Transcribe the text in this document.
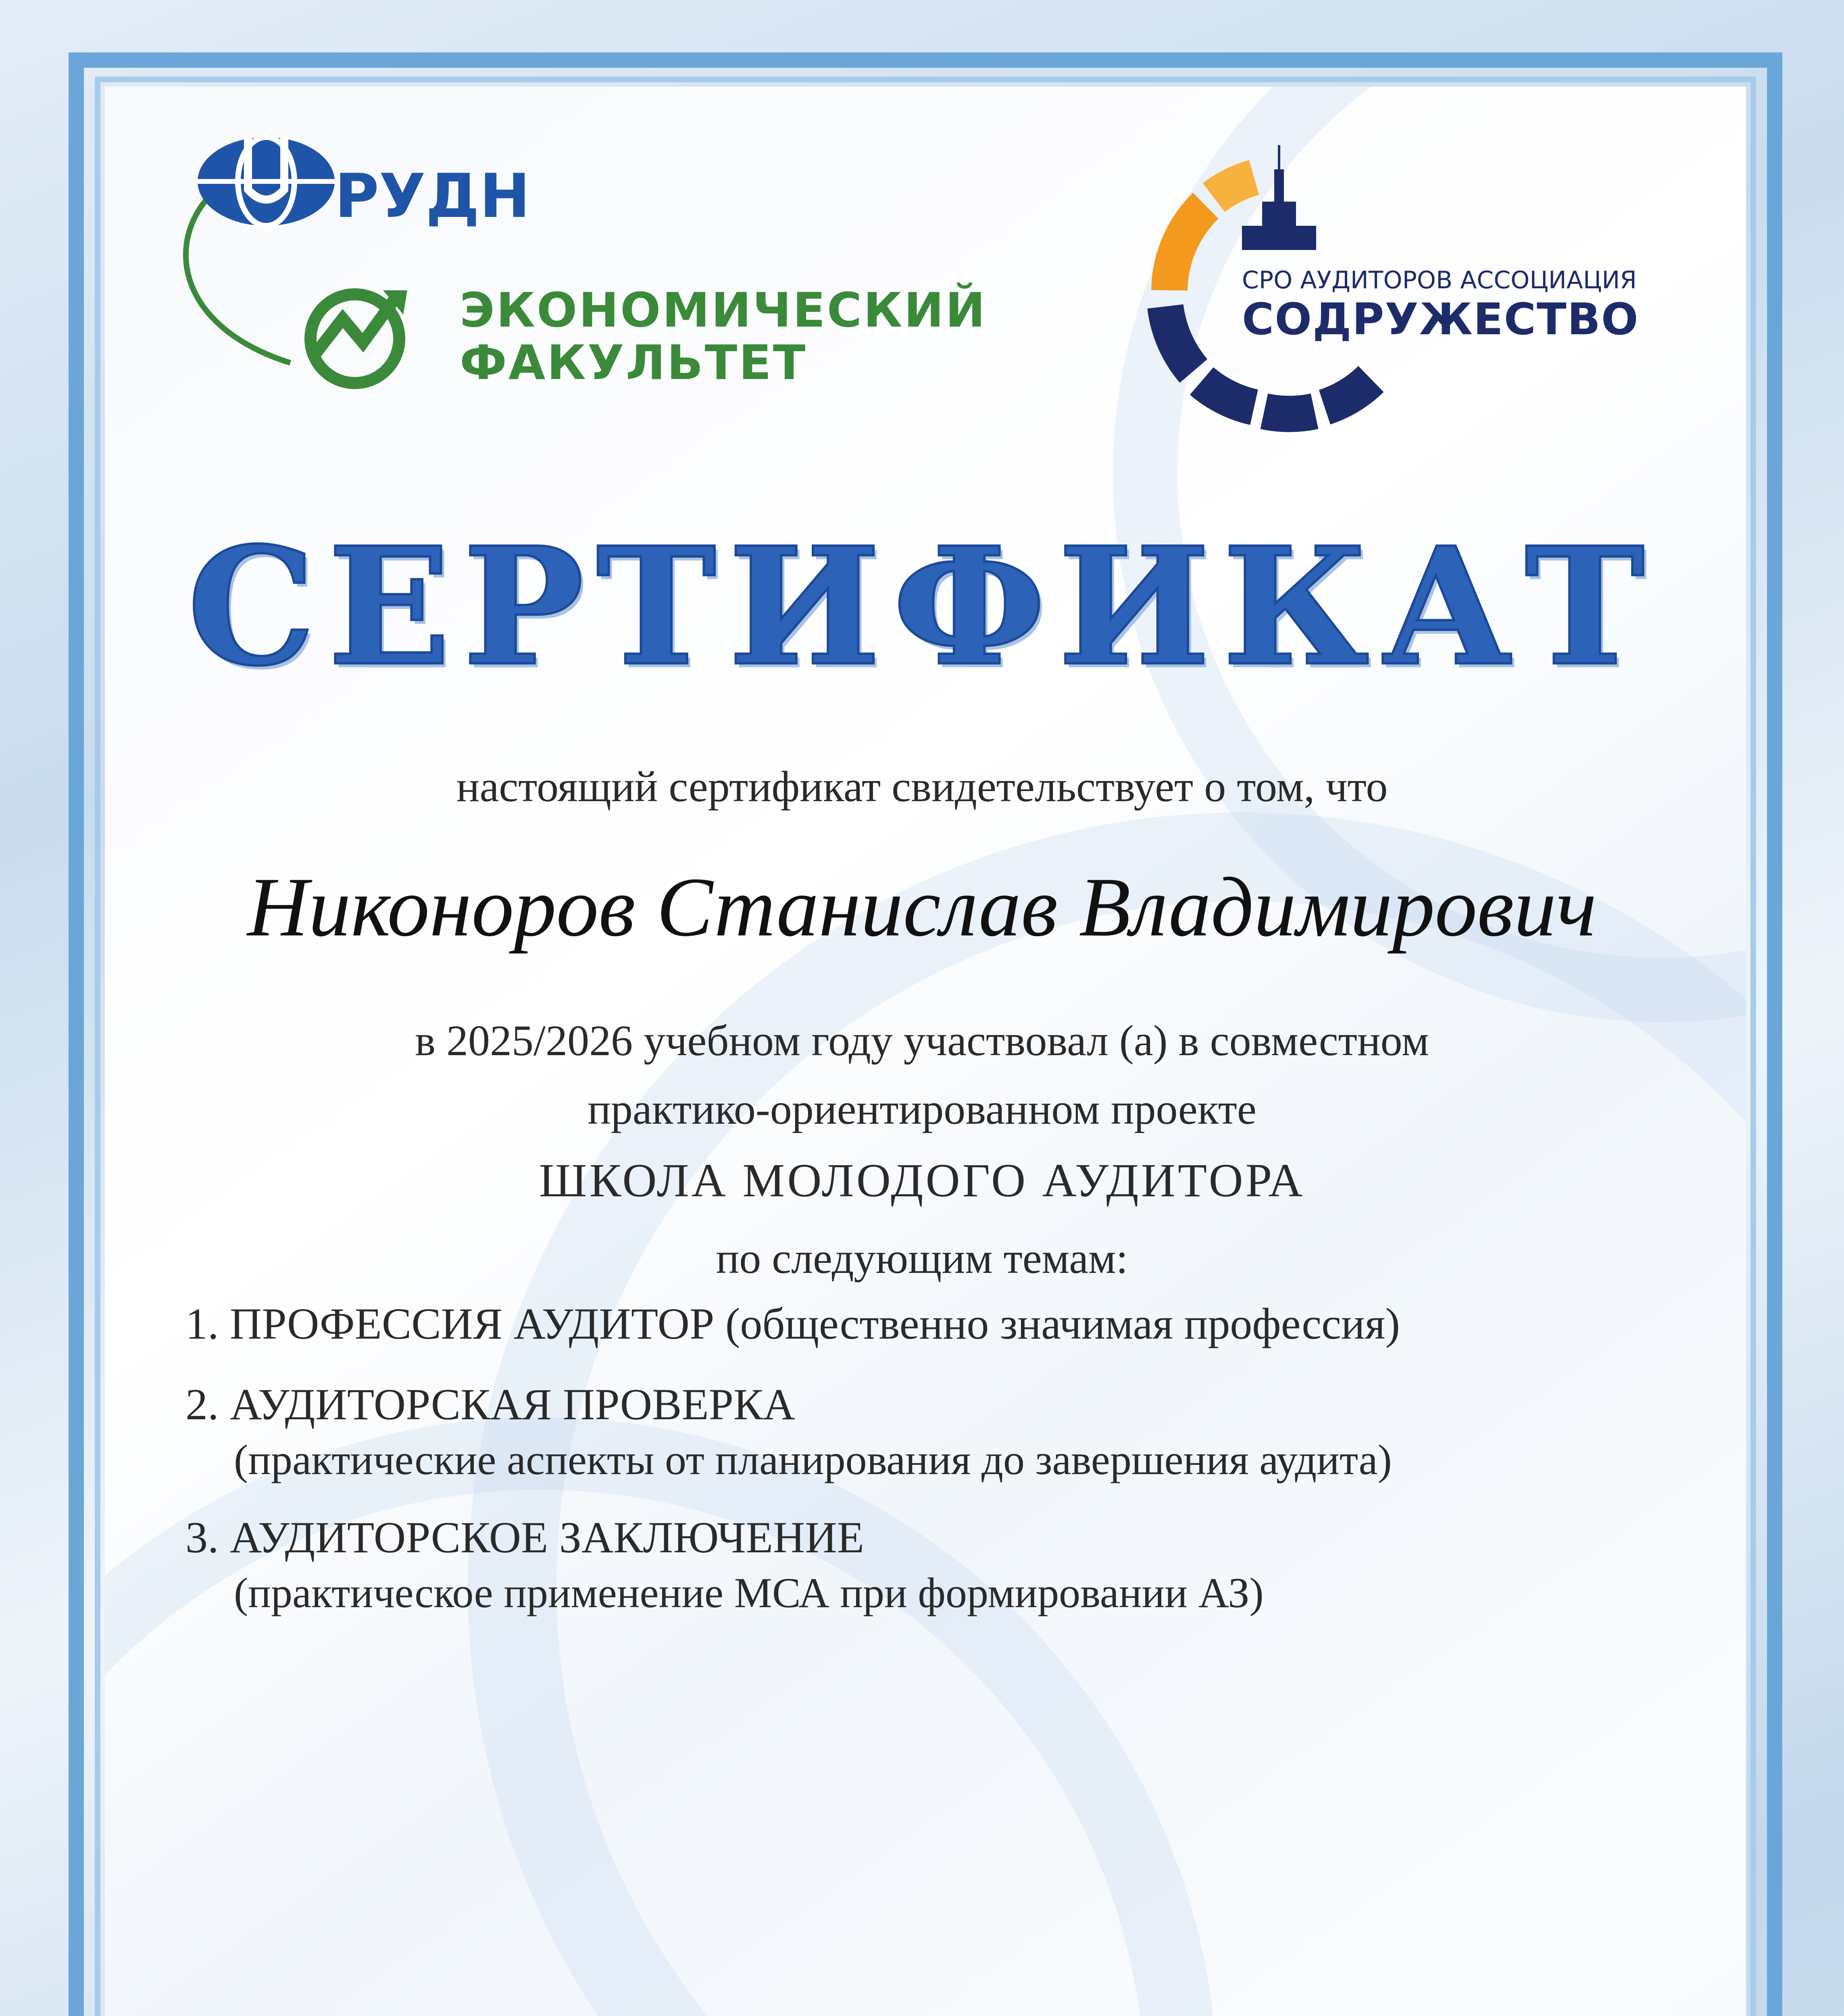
РУДН
ЭКОНОМИЧЕСКИЙ
ФАКУЛЬТЕТ
СРО АУДИТОРОВ АССОЦИАЦИЯ
СОДРУЖЕСТВО
СЕРТИФИКАТ
настоящий сертификат свидетельствует о том, что
Никоноров Станислав Владимирович
в 2025/2026 учебном году участвовал (а) в совместном
практико-ориентированном проекте
ШКОЛА МОЛОДОГО АУДИТОРА
по следующим темам:
1. ПРОФЕССИЯ АУДИТОР (общественно значимая профессия)
2. АУДИТОРСКАЯ ПРОВЕРКА
(практические аспекты от планирования до завершения аудита)
3. АУДИТОРСКОЕ ЗАКЛЮЧЕНИЕ
(практическое применение МСА при формировании АЗ)
